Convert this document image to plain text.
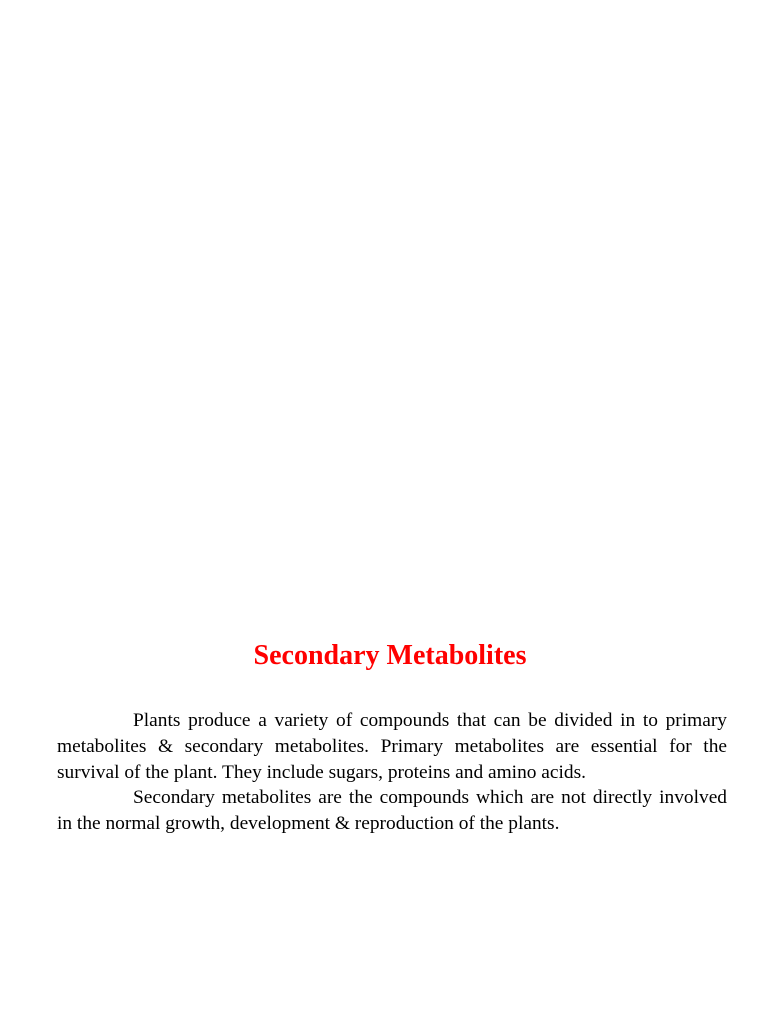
Secondary Metabolites

Plants produce a variety of compounds that can be divided in to primary metabolites & secondary metabolites. Primary metabolites are essential for the survival of the plant. They include sugars, proteins and amino acids.

Secondary metabolites are the compounds which are not directly involved in the normal growth, development & reproduction of the plants.
